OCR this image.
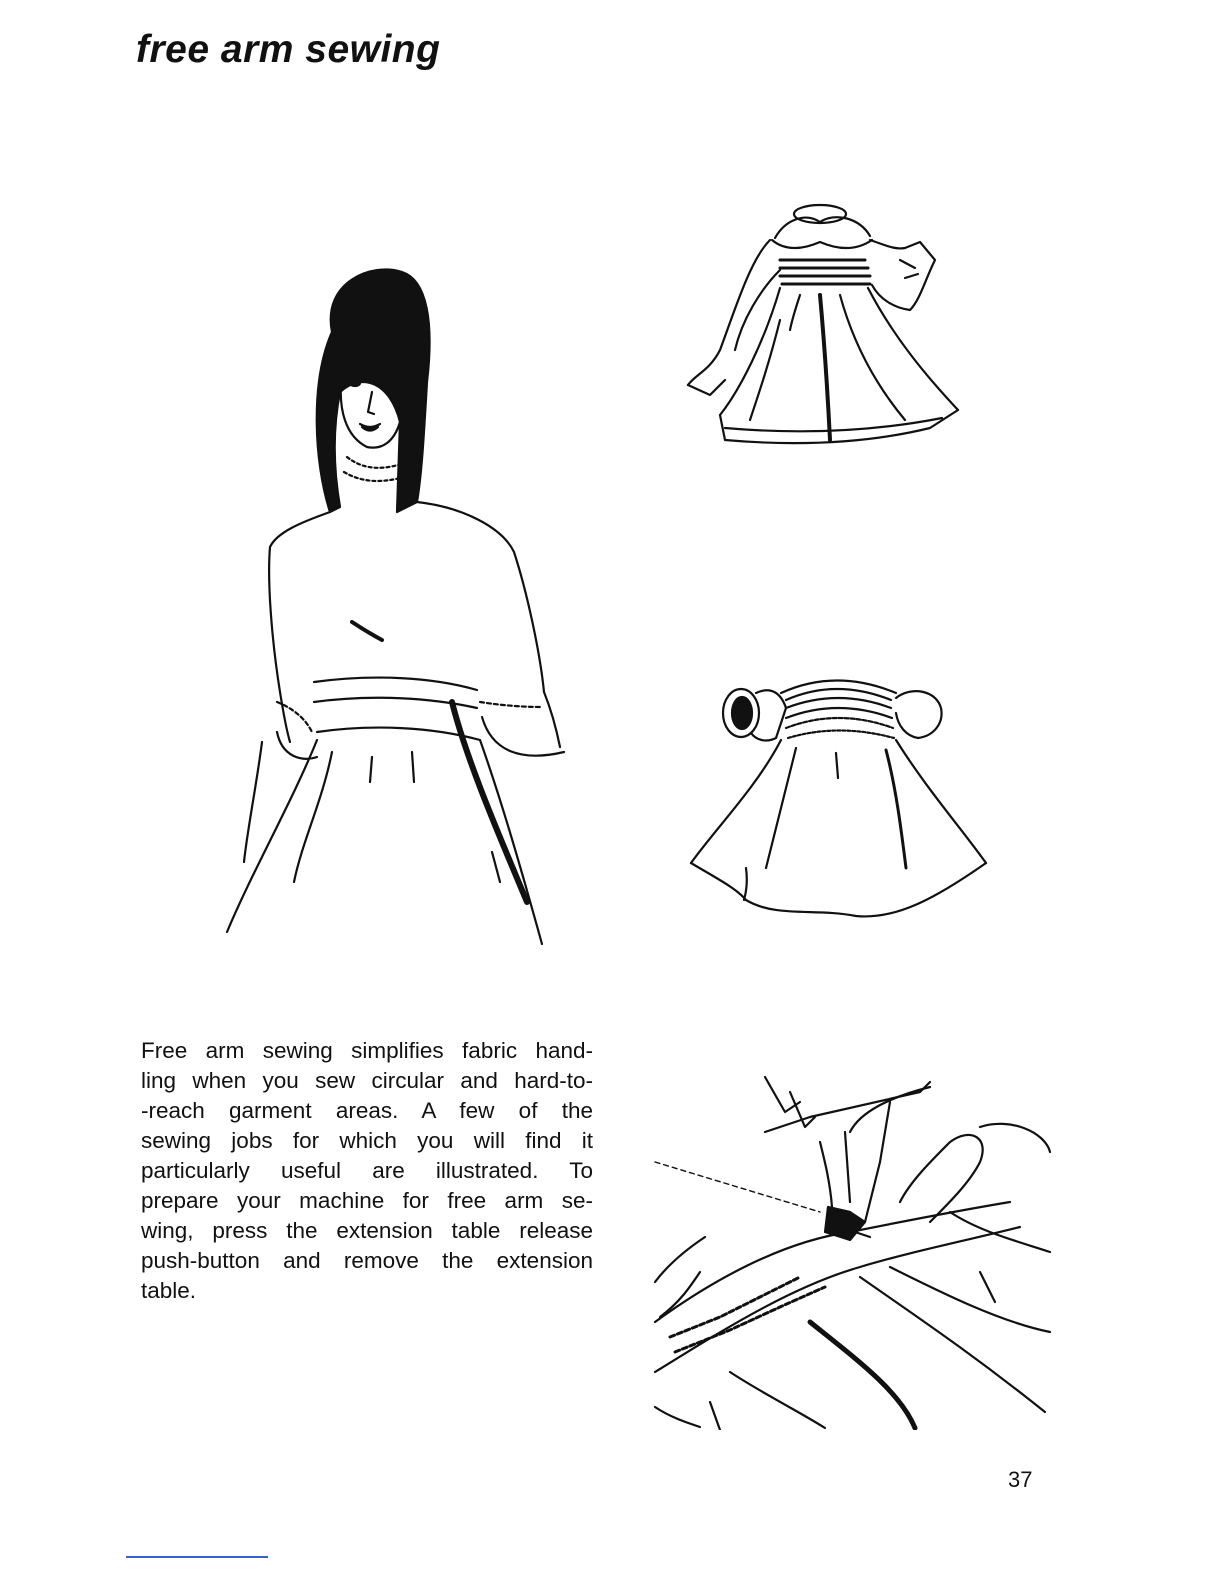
free arm sewing
Free arm sewing simplifies fabric hand-
ling when you sew circular and hard-to-
-reach garment areas. A few of the
sewing jobs for which you will find it
particularly useful are illustrated. To
prepare your machine for free arm se-
wing, press the extension table release
push-button and remove the extension
table.
37
